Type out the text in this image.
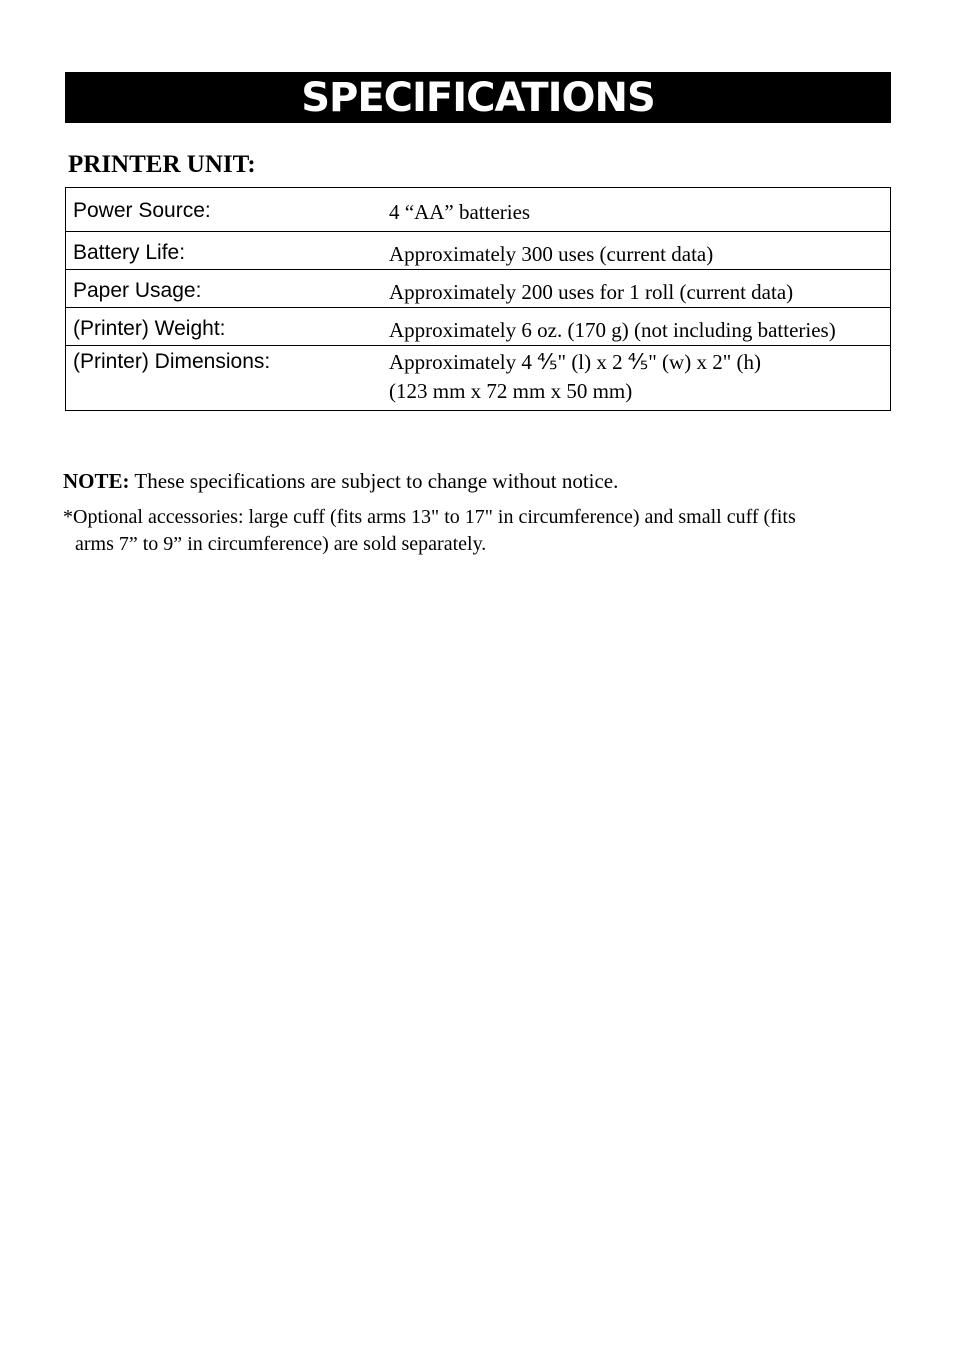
SPECIFICATIONS
PRINTER UNIT:
Power Source:	4 “AA” batteries

Battery Life:	Approximately 300 uses (current data)

Paper Usage:	Approximately 200 uses for 1 roll (current data)

(Printer) Weight:	Approximately 6 oz. (170 g) (not including batteries)

(Printer) Dimensions:	Approximately 4 ⅘" (l) x 2 ⅘" (w) x 2" (h)
(123 mm x 72 mm x 50 mm)
NOTE: These specifications are subject to change without notice.
*Optional accessories: large cuff (fits arms 13" to 17" in circumference) and small cuff (fits
arms 7” to 9” in circumference) are sold separately.
